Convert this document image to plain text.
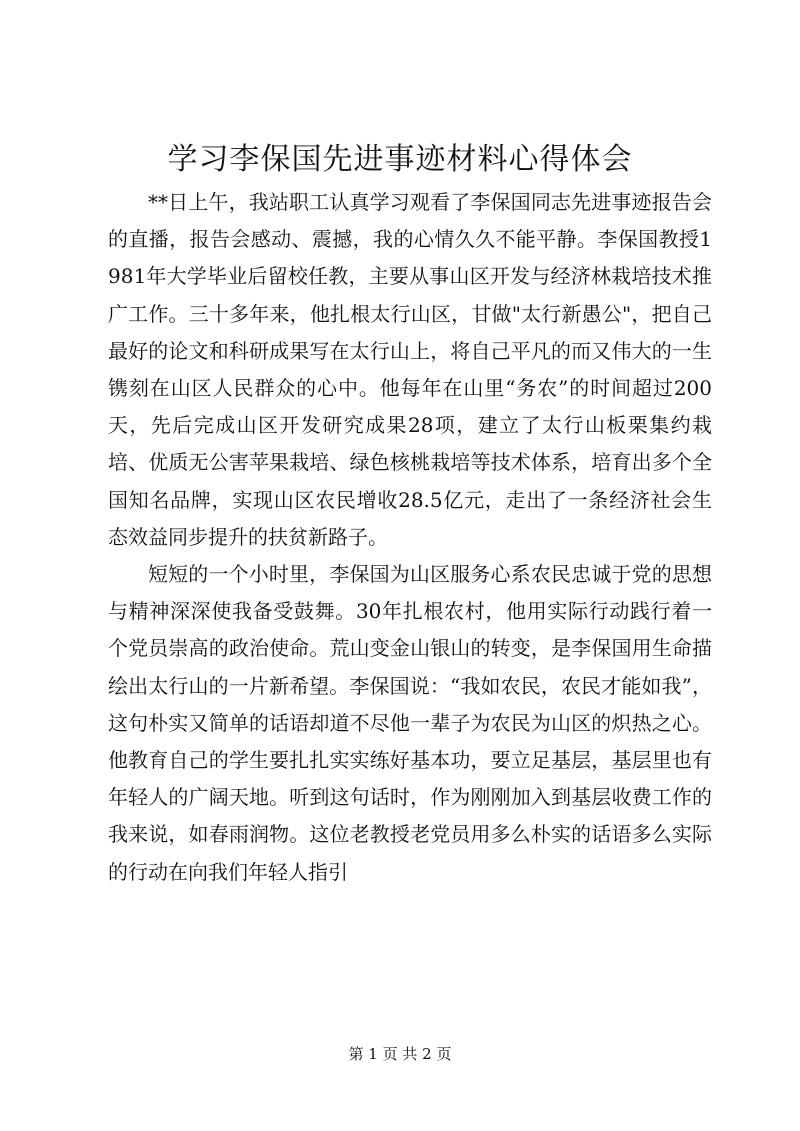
学习李保国先进事迹材料心得体会

**日上午，我站职工认真学习观看了李保国同志先进事迹报告会的直播，报告会感动、震撼，我的心情久久不能平静。李保国教授1981年大学毕业后留校任教，主要从事山区开发与经济林栽培技术推广工作。三十多年来，他扎根太行山区，甘做"太行新愚公"，把自己最好的论文和科研成果写在太行山上，将自己平凡的而又伟大的一生镌刻在山区人民群众的心中。他每年在山里“务农”的时间超过200天，先后完成山区开发研究成果28项，建立了太行山板栗集约栽培、优质无公害苹果栽培、绿色核桃栽培等技术体系，培育出多个全国知名品牌，实现山区农民增收28.5亿元，走出了一条经济社会生态效益同步提升的扶贫新路子。

短短的一个小时里，李保国为山区服务心系农民忠诚于党的思想与精神深深使我备受鼓舞。30年扎根农村，他用实际行动践行着一个党员崇高的政治使命。荒山变金山银山的转变，是李保国用生命描绘出太行山的一片新希望。李保国说：“我如农民，农民才能如我”，这句朴实又简单的话语却道不尽他一辈子为农民为山区的炽热之心。他教育自己的学生要扎扎实实练好基本功，要立足基层，基层里也有年轻人的广阔天地。听到这句话时，作为刚刚加入到基层收费工作的我来说，如春雨润物。这位老教授老党员用多么朴实的话语多么实际的行动在向我们年轻人指引

第 1 页 共 2 页
